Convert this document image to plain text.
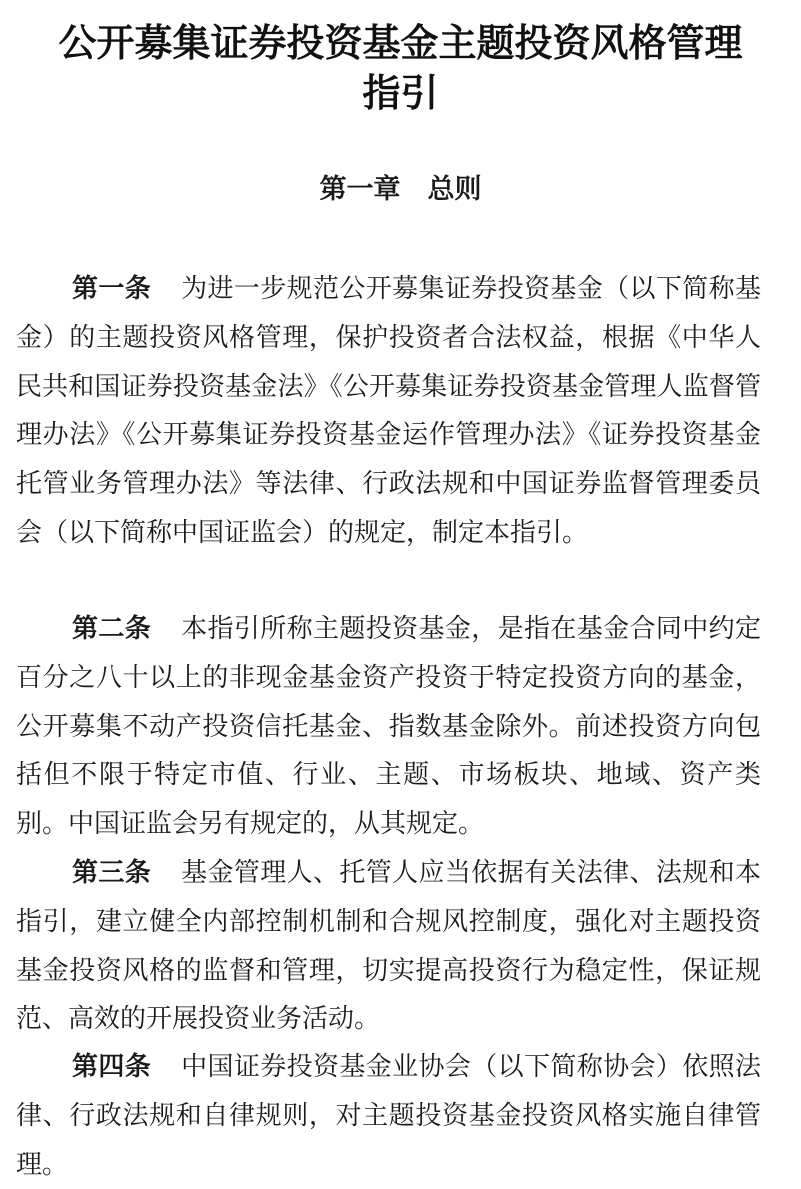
公开募集证券投资基金主题投资风格管理
指引
第一章　总则

第一条 为进一步规范公开募集证券投资基金（以下简称基金）的主题投资风格管理，保护投资者合法权益，根据《中华人民共和国证券投资基金法》《公开募集证券投资基金管理人监督管理办法》《公开募集证券投资基金运作管理办法》《证券投资基金托管业务管理办法》等法律、行政法规和中国证券监督管理委员会（以下简称中国证监会）的规定，制定本指引。

第二条 本指引所称主题投资基金，是指在基金合同中约定百分之八十以上的非现金基金资产投资于特定投资方向的基金，公开募集不动产投资信托基金、指数基金除外。前述投资方向包括但不限于特定市值、行业、主题、市场板块、地域、资产类别。中国证监会另有规定的，从其规定。

第三条 基金管理人、托管人应当依据有关法律、法规和本指引，建立健全内部控制机制和合规风控制度，强化对主题投资基金投资风格的监督和管理，切实提高投资行为稳定性，保证规范、高效的开展投资业务活动。

第四条 中国证券投资基金业协会（以下简称协会）依照法律、行政法规和自律规则，对主题投资基金投资风格实施自律管理。
